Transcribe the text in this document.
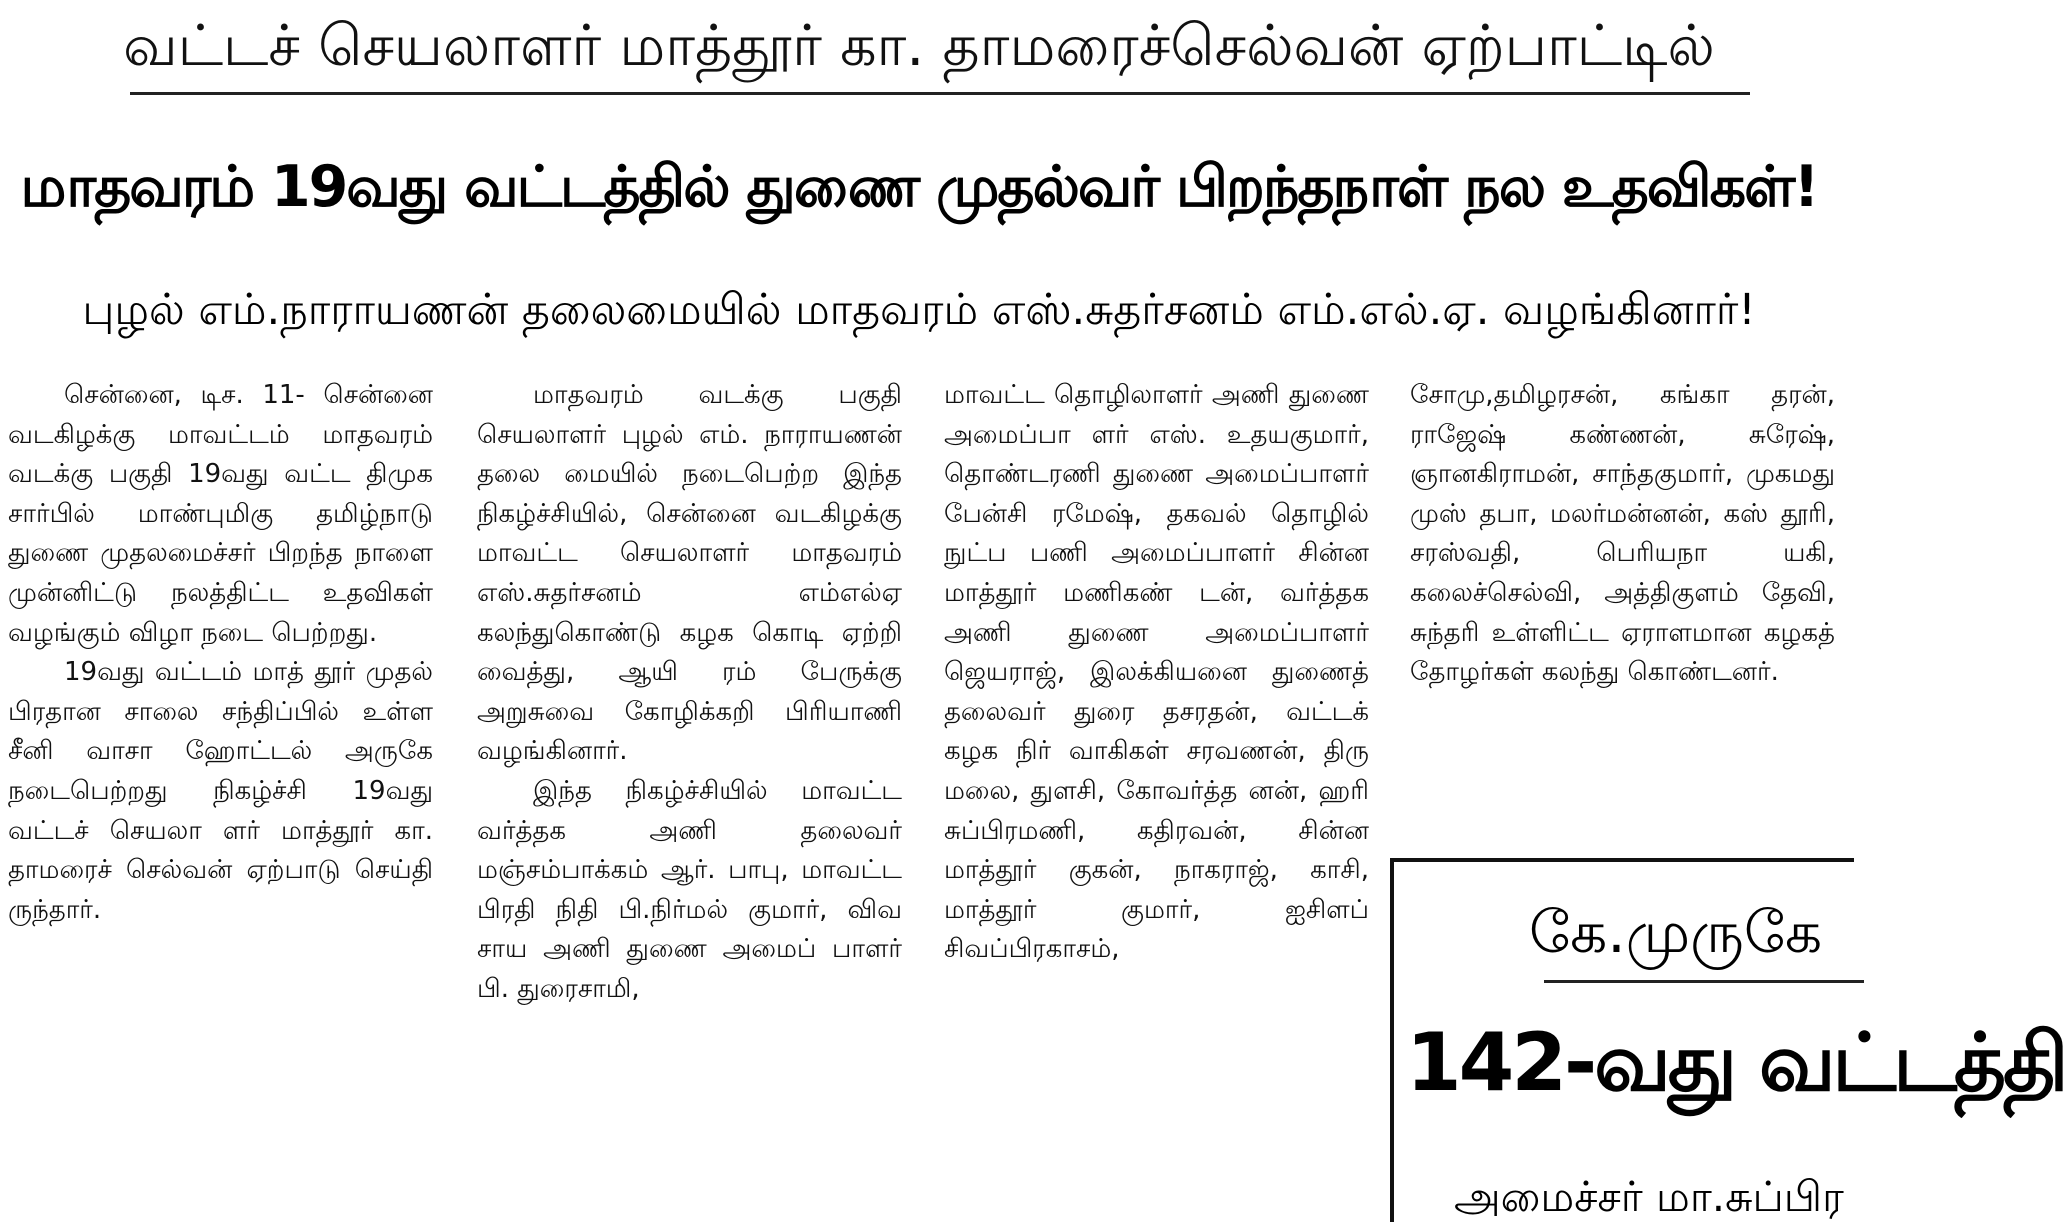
வட்டச் செயலாளர் மாத்தூர் கா. தாமரைச்செல்வன் ஏற்பாட்டில்
மாதவரம் 19வது வட்டத்தில் துணை முதல்வர் பிறந்தநாள் நல உதவிகள்!
புழல் எம்.நாராயணன் தலைமையில் மாதவரம் எஸ்.சுதர்சனம் எம்.எல்.ஏ. வழங்கினார்!

சென்னை, டிச. 11- சென்னை வடகிழக்கு மாவட்டம் மாதவரம் வடக்கு பகுதி 19வது வட்ட திமுக சார்பில் மாண்புமிகு தமிழ்நாடு துணை முதலமைச்சர் பிறந்த நாளை முன்னிட்டு நலத்திட்ட உதவிகள் வழங்கும் விழா நடை பெற்றது.

19வது வட்டம் மாத் தூர் முதல் பிரதான சாலை சந்திப்பில் உள்ள சீனி வாசா ஹோட்டல் அருகே நடைபெற்றது நிகழ்ச்சி 19வது வட்டச் செயலா ளர் மாத்தூர் கா. தாமரைச் செல்வன் ஏற்பாடு செய்தி ருந்தார்.

மாதவரம் வடக்கு பகுதி செயலாளர் புழல் எம். நாராயணன் தலை மையில் நடைபெற்ற இந்த நிகழ்ச்சியில், சென்னை வடகிழக்கு மாவட்ட செயலாளர் மாதவரம் எஸ்.சுதர்சனம் எம்எல்ஏ கலந்துகொண்டு கழக கொடி ஏற்றி வைத்து, ஆயி ரம் பேருக்கு அறுசுவை கோழிக்கறி பிரியாணி வழங்கினார்.

இந்த நிகழ்ச்சியில் மாவட்ட வர்த்தக அணி தலைவர் மஞ்சம்பாக்கம் ஆர். பாபு, மாவட்ட பிரதி நிதி பி.நிர்மல் குமார், விவ சாய அணி துணை அமைப் பாளர் பி. துரைசாமி,

மாவட்ட தொழிலாளர் அணி துணை அமைப்பா ளர் எஸ். உதயகுமார், தொண்டரணி துணை அமைப்பாளர் பேன்சி ரமேஷ், தகவல் தொழில் நுட்ப பணி அமைப்பாளர் சின்ன மாத்தூர் மணிகண் டன், வர்த்தக அணி துணை அமைப்பாளர் ஜெயராஜ், இலக்கியனை துணைத் தலைவர் துரை தசரதன், வட்டக் கழக நிர் வாகிகள் சரவணன், திரு மலை, துளசி, கோவர்த்த னன், ஹரி சுப்பிரமணி, கதிரவன், சின்ன மாத்தூர் குகன், நாகராஜ், காசி, மாத்தூர் குமார், ஐசிளப் சிவப்பிரகாசம்,

சோமு,தமிழரசன், கங்கா தரன், ராஜேஷ் கண்ணன், சுரேஷ், ஞானகிராமன், சாந்தகுமார், முகமது முஸ் தபா, மலர்மன்னன், கஸ் தூரி, சரஸ்வதி, பெரியநா யகி, கலைச்செல்வி, அத்திகுளம் தேவி, சுந்தரி உள்ளிட்ட ஏராளமான கழகத் தோழர்கள் கலந்து கொண்டனர்.

கே.முருகே
142-வது வட்டத்தி
அமைச்சர் மா.சுப்பிர
